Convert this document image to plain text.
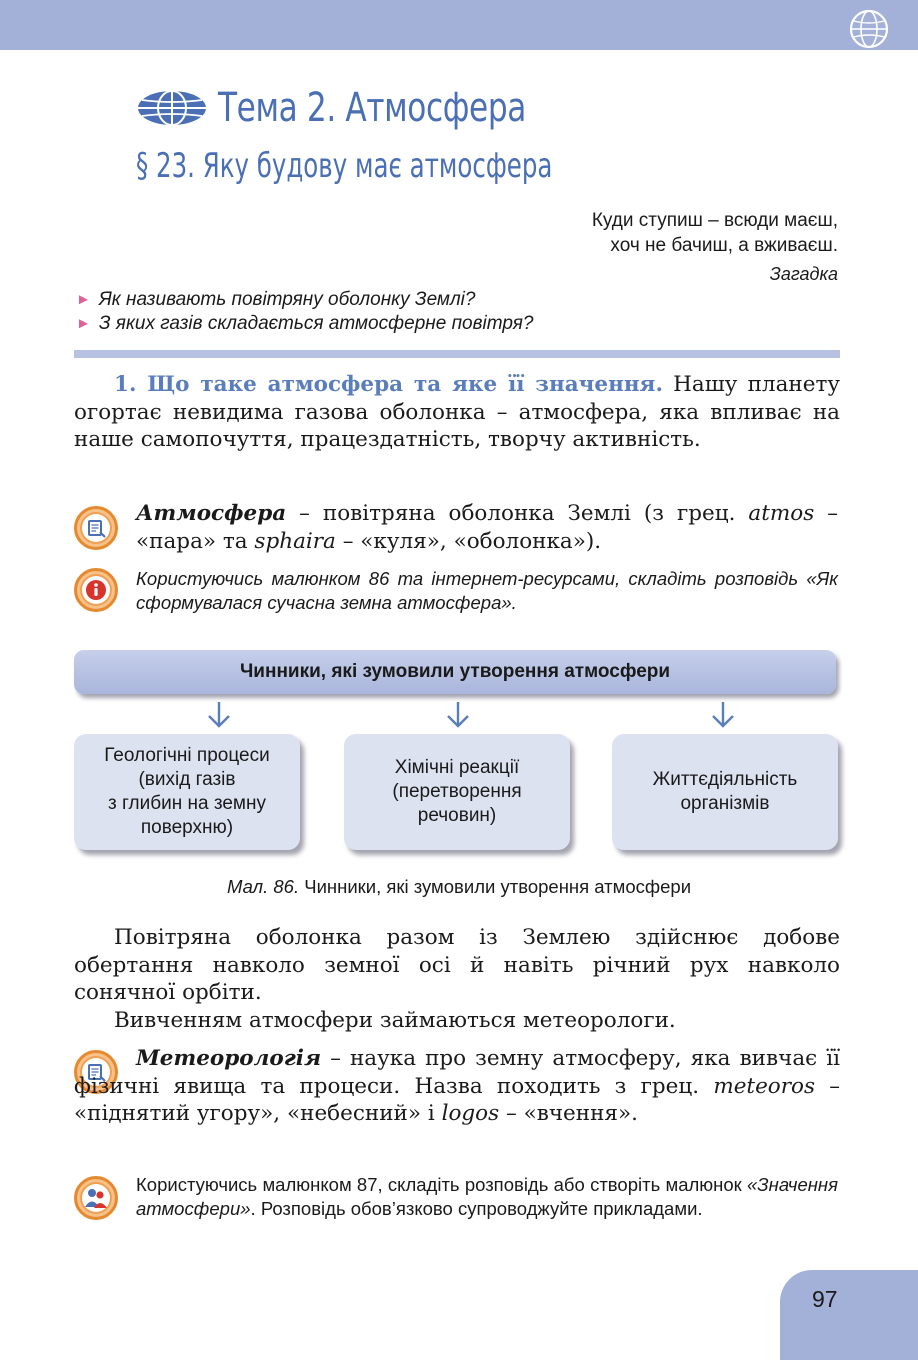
Тема 2. Атмосфера
§ 23. Яку будову має атмосфера
Куди ступиш – всюди маєш,
хоч не бачиш, а вживаєш.
Загадка
► Як називають повітряну оболонку Землі?
► З яких газів складається атмосферне повітря?

1. Що таке атмосфера та яке її значення. Нашу планету огортає невидима газова оболонка – атмосфера, яка впливає на наше самопочуття, працездатність, творчу активність.

Атмосфера – повітряна оболонка Землі (з грец. atmos – «пара» та sphaira – «куля», «оболонка»).

Користуючись малюнком 86 та інтернет-ресурсами, складіть розповідь «Як сформувалася сучасна земна атмосфера».

Чинники, які зумовили утворення атмосфери
Геологічні процеси
(вихід газів
з глибин на земну
поверхню)
Хімічні реакції
(перетворення
речовин)
Життєдіяльність
організмів
Мал. 86. Чинники, які зумовили утворення атмосфери

Повітряна оболонка разом із Землею здійснює добове обертання навколо земної осі й навіть річний рух навколо сонячної орбіти.

Вивченням атмосфери займаються метеорологи.

Метеорологія – наука про земну атмосферу, яка вивчає її фізичні явища та процеси. Назва походить з грец. meteoros – «піднятий угору», «небесний» і logos – «вчення».

Користуючись малюнком 87, складіть розповідь або створіть малюнок «Значення атмосфери». Розповідь обов’язково супроводжуйте прикладами.

97
